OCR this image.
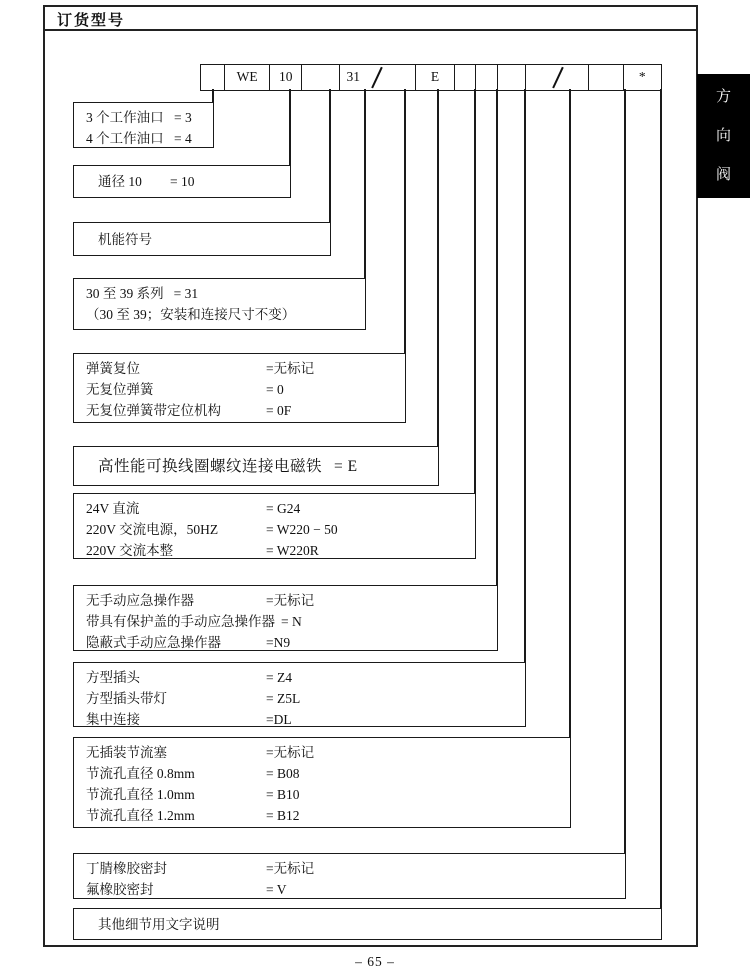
订货型号
WE	10	31	E	*
3 个工作油口 = 3
4 个工作油口 = 4
通径 10 = 10
机能符号
30 至 39 系列 = 31
（30 至 39；安装和连接尺寸不变）
弹簧复位	=无标记
无复位弹簧	= 0
无复位弹簧带定位机构	= 0F
高性能可换线圈螺纹连接电磁铁 = E
24V 直流	= G24
220V 交流电源，50HZ	= W220 − 50
220V 交流本整	= W220R
无手动应急操作器	=无标记
带具有保护盖的手动应急操作器 = N
隐蔽式手动应急操作器	=N9
方型插头	= Z4
方型插头带灯	= Z5L
集中连接	=DL
无插装节流塞	=无标记
节流孔直径 0.8mm	= B08
节流孔直径 1.0mm	= B10
节流孔直径 1.2mm	= B12
丁腈橡胶密封	=无标记
氟橡胶密封	= V
其他细节用文字说明
方
向
阀
– 65 –
